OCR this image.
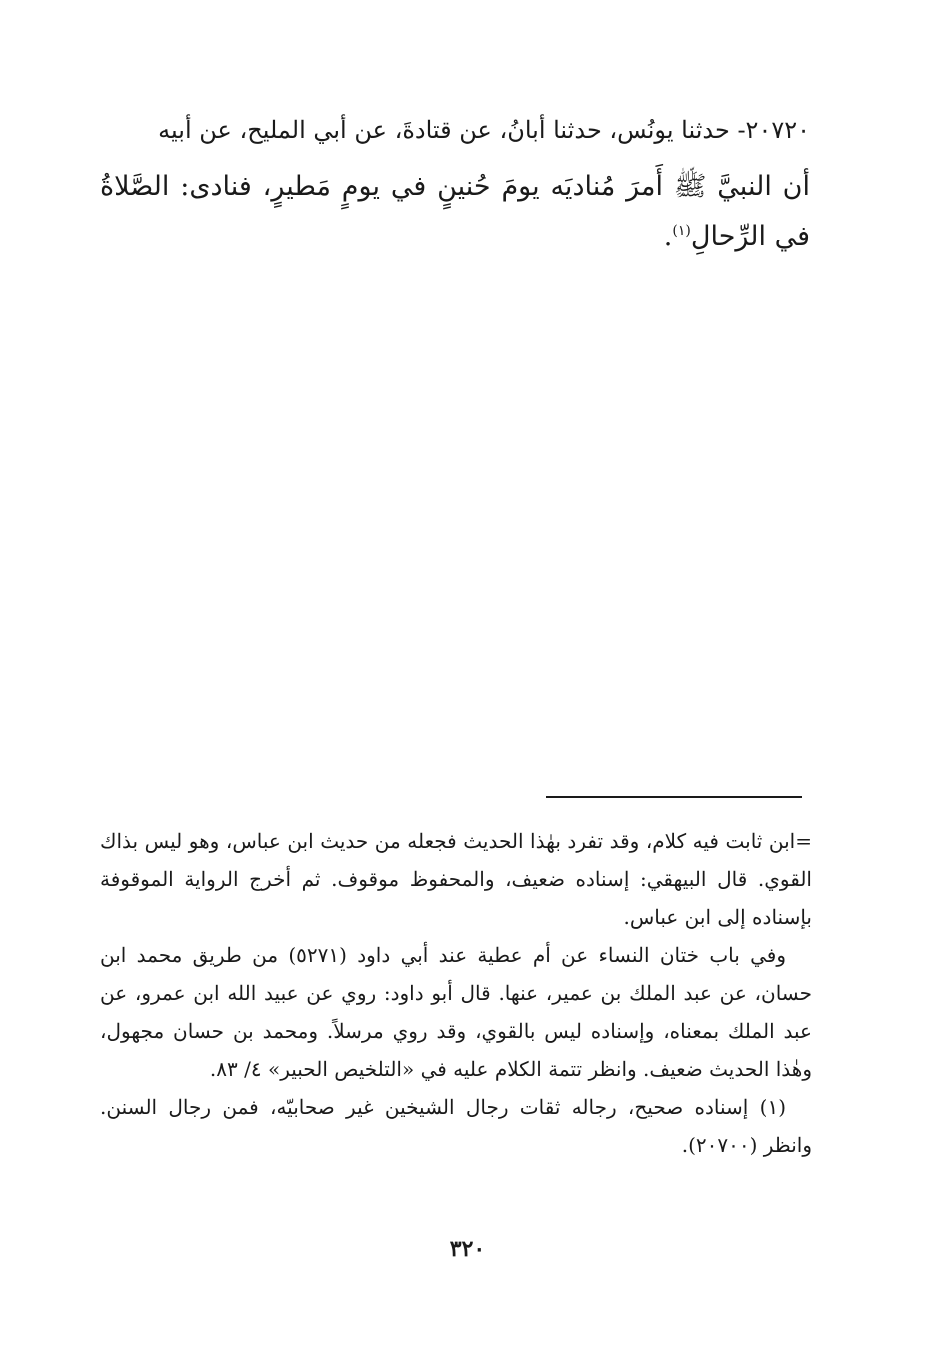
٢٠٧٢٠- حدثنا يونُس، حدثنا أبانُ، عن قتادةَ، عن أبي المليح، عن أبيه

أن النبيَّ ﷺ أَمرَ مُناديَه يومَ حُنينٍ في يومٍ مَطيرٍ، فنادى: الصَّلاةُ في الرِّحالِ$^{(١)}$.

=ابن ثابت فيه كلام، وقد تفرد بهٰذا الحديث فجعله من حديث ابن عباس، وهو ليس بذاك القوي. قال البيهقي: إسناده ضعيف، والمحفوظ موقوف. ثم أخرج الرواية الموقوفة بإسناده إلى ابن عباس.

وفي باب ختان النساء عن أم عطية عند أبي داود (٥٢٧١) من طريق محمد ابن حسان، عن عبد الملك بن عمير، عنها. قال أبو داود: روي عن عبيد الله ابن عمرو، عن عبد الملك بمعناه، وإسناده ليس بالقوي، وقد روي مرسلاً. ومحمد بن حسان مجهول، وهٰذا الحديث ضعيف. وانظر تتمة الكلام عليه في «التلخيص الحبير» ٤/ ٨٣.

(١) إسناده صحيح، رجاله ثقات رجال الشيخين غير صحابيّه، فمن رجال السنن. وانظر (٢٠٧٠٠).

٣٢٠
